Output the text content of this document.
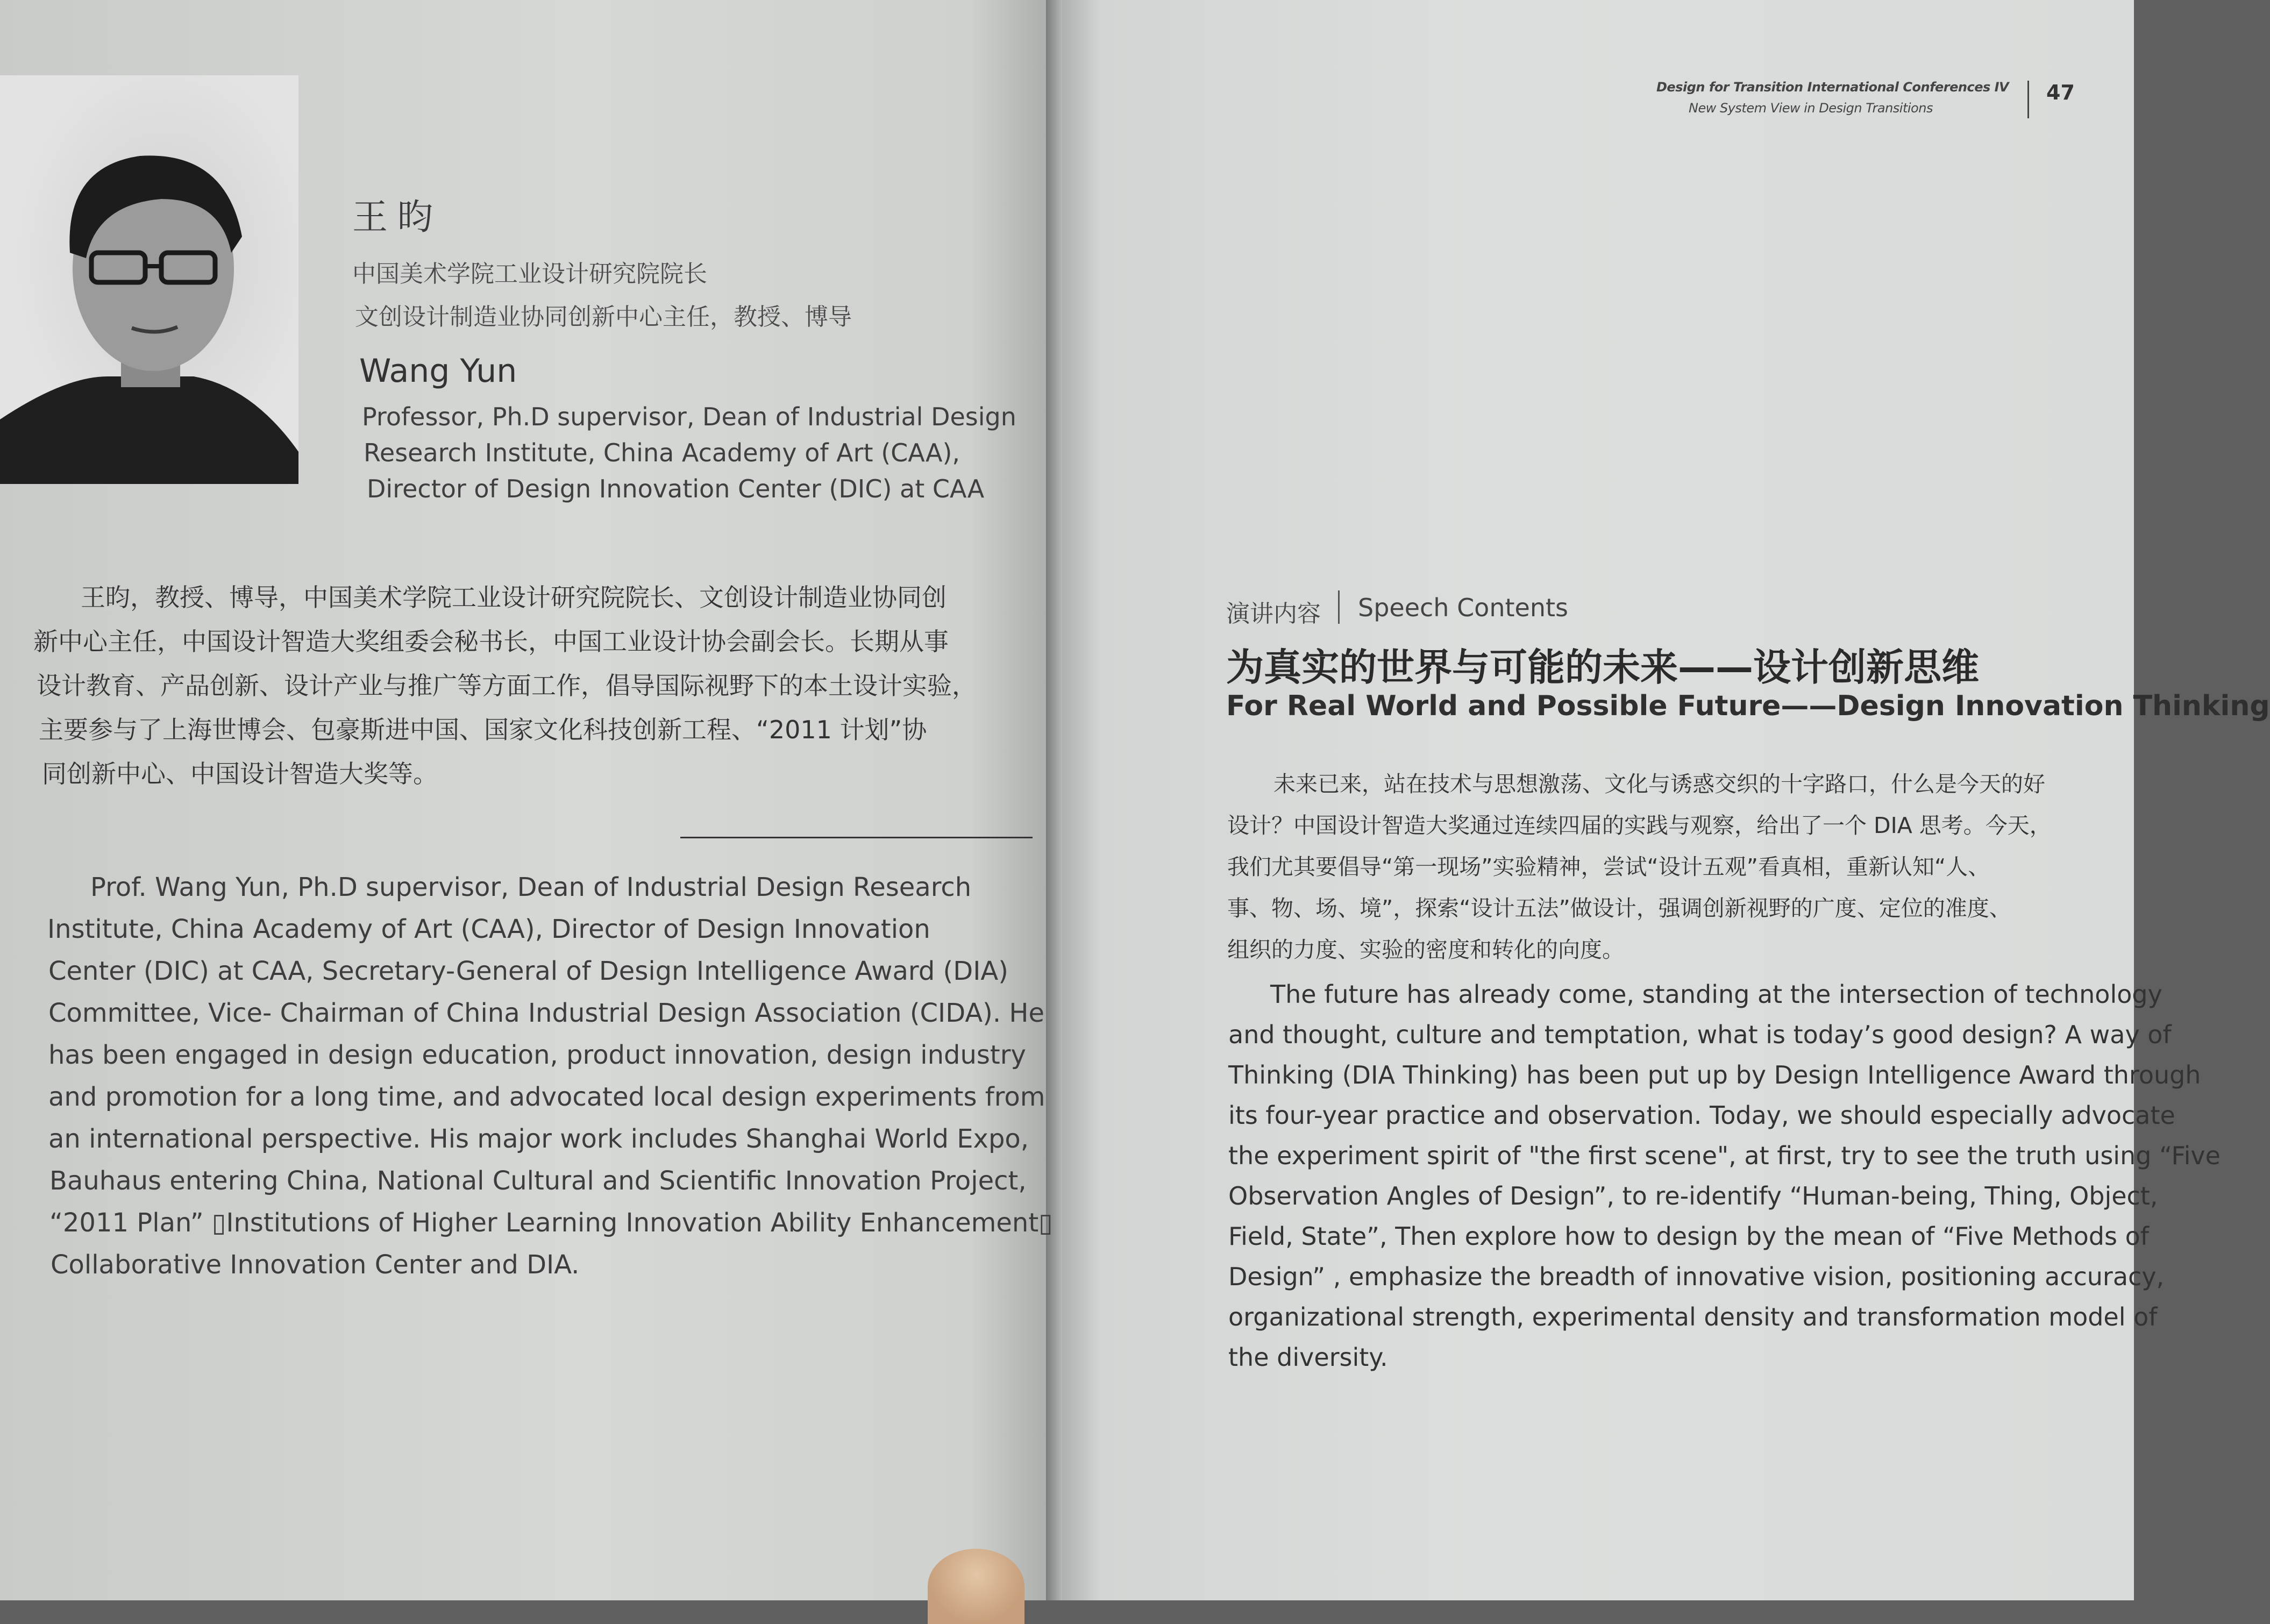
王昀
中国美术学院工业设计研究院院长
文创设计制造业协同创新中心主任，教授、博导
Wang Yun
Professor, Ph.D supervisor, Dean of Industrial Design
Research Institute, China Academy of Art (CAA),
Director of Design Innovation Center (DIC) at CAA
王昀，教授、博导，中国美术学院工业设计研究院院长、文创设计制造业协同创
新中心主任，中国设计智造大奖组委会秘书长，中国工业设计协会副会长。长期从事
设计教育、产品创新、设计产业与推广等方面工作，倡导国际视野下的本土设计实验，
主要参与了上海世博会、包豪斯进中国、国家文化科技创新工程、“2011 计划”协
同创新中心、中国设计智造大奖等。
Prof. Wang Yun, Ph.D supervisor, Dean of Industrial Design Research
Institute, China Academy of Art (CAA), Director of Design Innovation
Center (DIC) at CAA, Secretary-General of Design Intelligence Award (DIA)
Committee, Vice- Chairman of China Industrial Design Association (CIDA). He
has been engaged in design education, product innovation, design industry
and promotion for a long time, and advocated local design experiments from
an international perspective. His major work includes Shanghai World Expo,
Bauhaus entering China, National Cultural and Scientific Innovation Project,
“2011 Plan” ▯Institutions of Higher Learning Innovation Ability Enhancement▯
Collaborative Innovation Center and DIA.
Design for Transition International Conferences IV
New System View in Design Transitions
47
演讲内容 Speech Contents
为真实的世界与可能的未来——设计创新思维
For Real World and Possible Future——Design Innovation Thinking
未来已来，站在技术与思想激荡、文化与诱惑交织的十字路口，什么是今天的好
设计？中国设计智造大奖通过连续四届的实践与观察，给出了一个 DIA 思考。今天，
我们尤其要倡导“第一现场”实验精神，尝试“设计五观”看真相，重新认知“人、
事、物、场、境”，探索“设计五法”做设计，强调创新视野的广度、定位的准度、
组织的力度、实验的密度和转化的向度。
The future has already come, standing at the intersection of technology
and thought, culture and temptation, what is today’s good design? A way of
Thinking (DIA Thinking) has been put up by Design Intelligence Award through
its four-year practice and observation. Today, we should especially advocate
the experiment spirit of "the first scene", at first, try to see the truth using “Five
Observation Angles of Design”, to re-identify “Human-being, Thing, Object,
Field, State”, Then explore how to design by the mean of “Five Methods of
Design” , emphasize the breadth of innovative vision, positioning accuracy,
organizational strength, experimental density and transformation model of
the diversity.
